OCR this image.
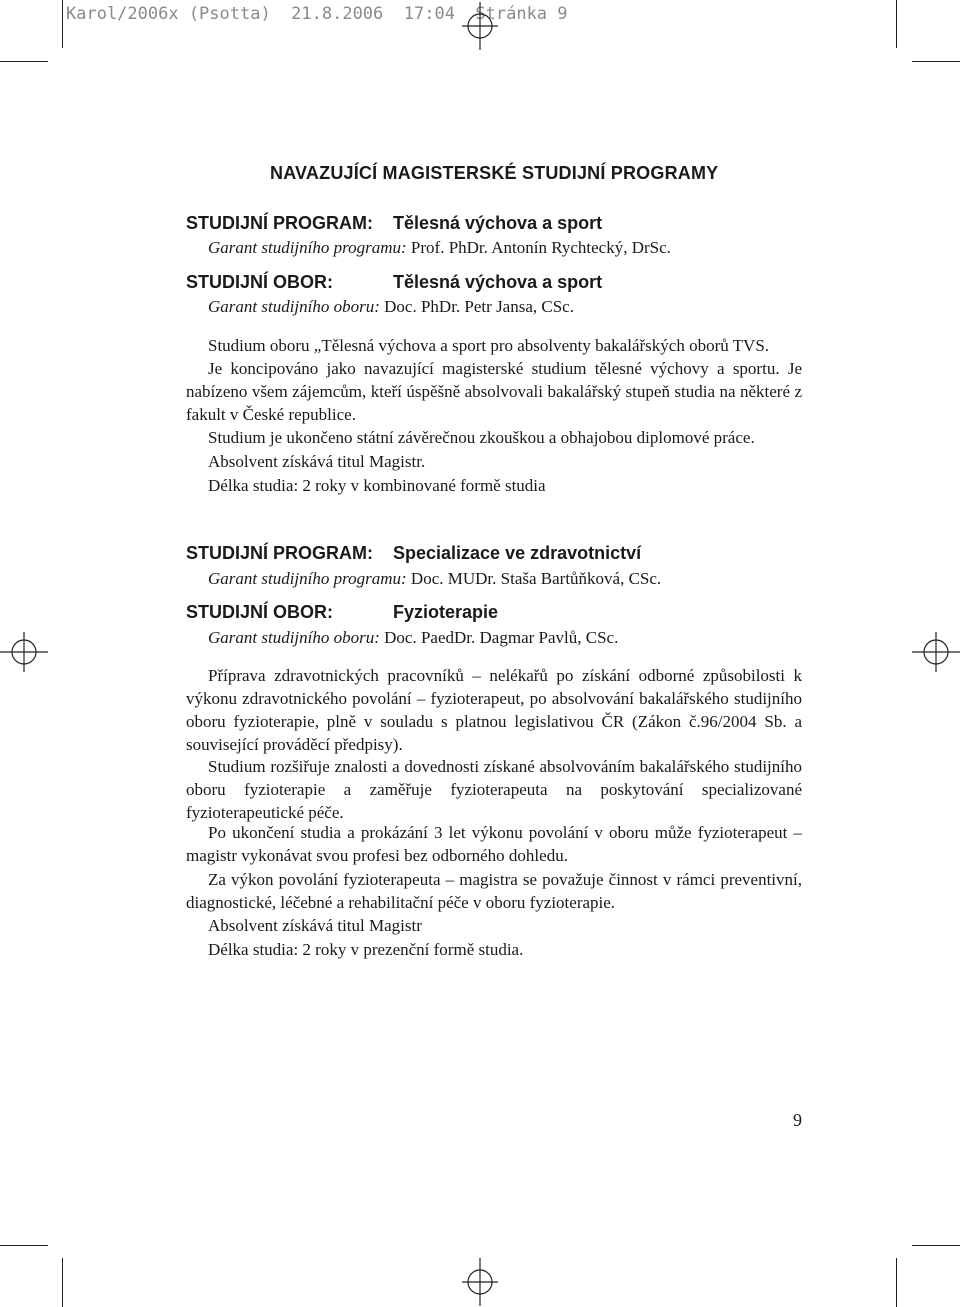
Karol/2006x (Psotta)  21.8.2006  17:04  Stránka 9
NAVAZUJÍCÍ MAGISTERSKÉ STUDIJNÍ PROGRAMY
STUDIJNÍ PROGRAM: Tělesná výchova a sport
Garant studijního programu: Prof. PhDr. Antonín Rychtecký, DrSc.
STUDIJNÍ OBOR:	Tělesná výchova a sport
Garant studijního oboru: Doc. PhDr. Petr Jansa, CSc.
Studium oboru „Tělesná výchova a sport pro absolventy bakalářských oborů TVS.
Je koncipováno jako navazující magisterské studium tělesné výchovy a sportu. Je nabízeno všem zájemcům, kteří úspěšně absolvovali bakalářský stupeň studia na některé z fakult v České republice.
Studium je ukončeno státní závěrečnou zkouškou a obhajobou diplomové práce.
Absolvent získává titul Magistr.
Délka studia: 2 roky v kombinované formě studia
STUDIJNÍ PROGRAM: Specializace ve zdravotnictví
Garant studijního programu: Doc. MUDr. Staša Bartůňková, CSc.
STUDIJNÍ OBOR:	Fyzioterapie
Garant studijního oboru: Doc. PaedDr. Dagmar Pavlů, CSc.
Příprava zdravotnických pracovníků – nelékařů po získání odborné způsobilosti k výkonu zdravotnického povolání – fyzioterapeut, po absolvování bakalářského studijního oboru fyzioterapie, plně v souladu s platnou legislativou ČR (Zákon č.96/2004 Sb. a související prováděcí předpisy).
Studium rozšiřuje znalosti a dovednosti získané absolvováním bakalářského studijního oboru fyzioterapie a zaměřuje fyzioterapeuta na poskytování specializované fyzioterapeutické péče.
Po ukončení studia a prokázání 3 let výkonu povolání v oboru může fyzioterapeut – magistr vykonávat svou profesi bez odborného dohledu.
Za výkon povolání fyzioterapeuta – magistra se považuje činnost v rámci preventivní, diagnostické, léčebné a rehabilitační péče v oboru fyzioterapie.
Absolvent získává titul Magistr
Délka studia: 2 roky v prezenční formě studia.
9
